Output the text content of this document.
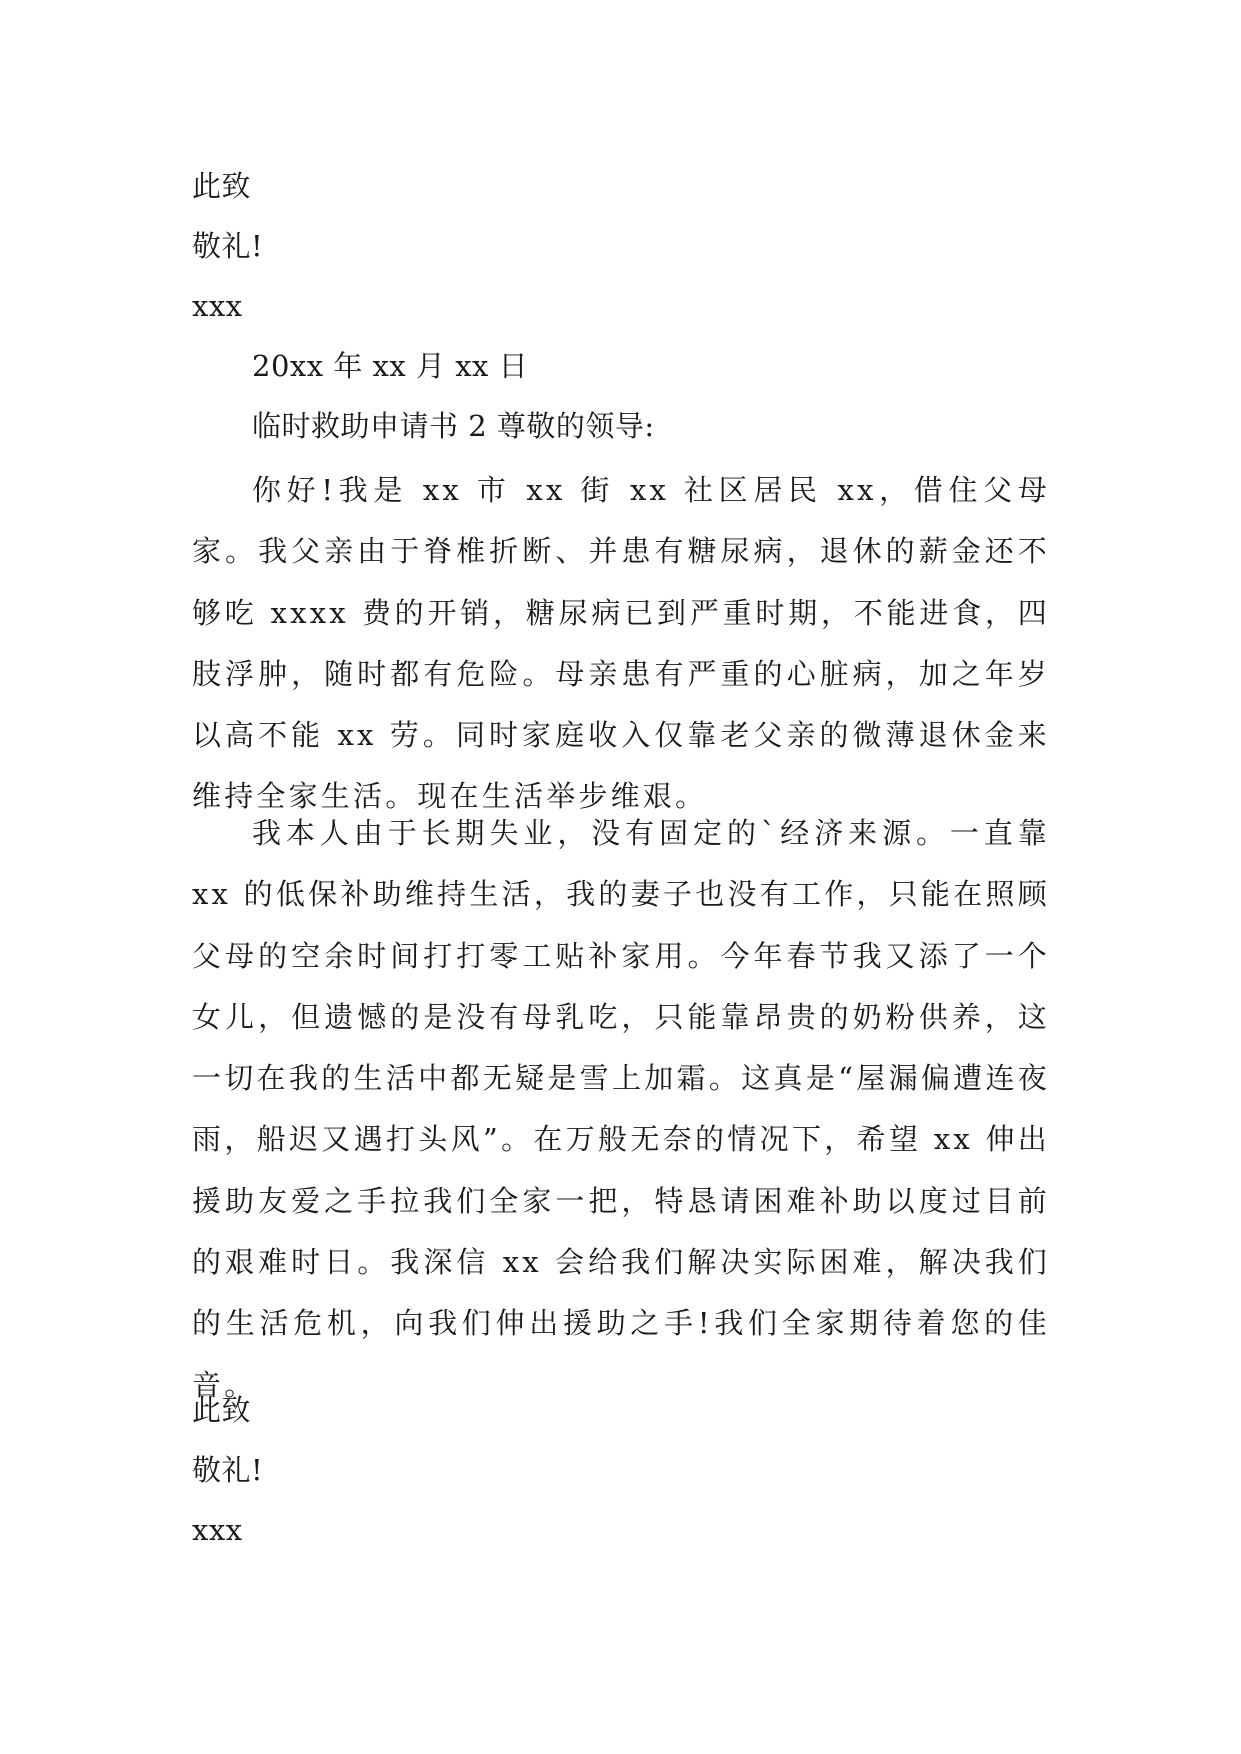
此致
敬礼!
xxx
20xx 年 xx 月 xx 日
临时救助申请书 2 尊敬的领导:

你好!我是 xx 市 xx 街 xx 社区居民 xx，借住父母家。我父亲由于脊椎折断、并患有糖尿病，退休的薪金还不够吃 xxxx 费的开销，糖尿病已到严重时期，不能进食，四肢浮肿，随时都有危险。母亲患有严重的心脏病，加之年岁以高不能 xx 劳。同时家庭收入仅靠老父亲的微薄退休金来维持全家生活。现在生活举步维艰。

我本人由于长期失业，没有固定的`经济来源。一直靠 xx 的低保补助维持生活，我的妻子也没有工作，只能在照顾父母的空余时间打打零工贴补家用。今年春节我又添了一个女儿，但遗憾的是没有母乳吃，只能靠昂贵的奶粉供养，这一切在我的生活中都无疑是雪上加霜。这真是“屋漏偏遭连夜雨，船迟又遇打头风”。在万般无奈的情况下，希望 xx 伸出援助友爱之手拉我们全家一把，特恳请困难补助以度过目前的艰难时日。我深信 xx 会给我们解决实际困难，解决我们的生活危机，向我们伸出援助之手!我们全家期待着您的佳音。

此致
敬礼!
xxx
